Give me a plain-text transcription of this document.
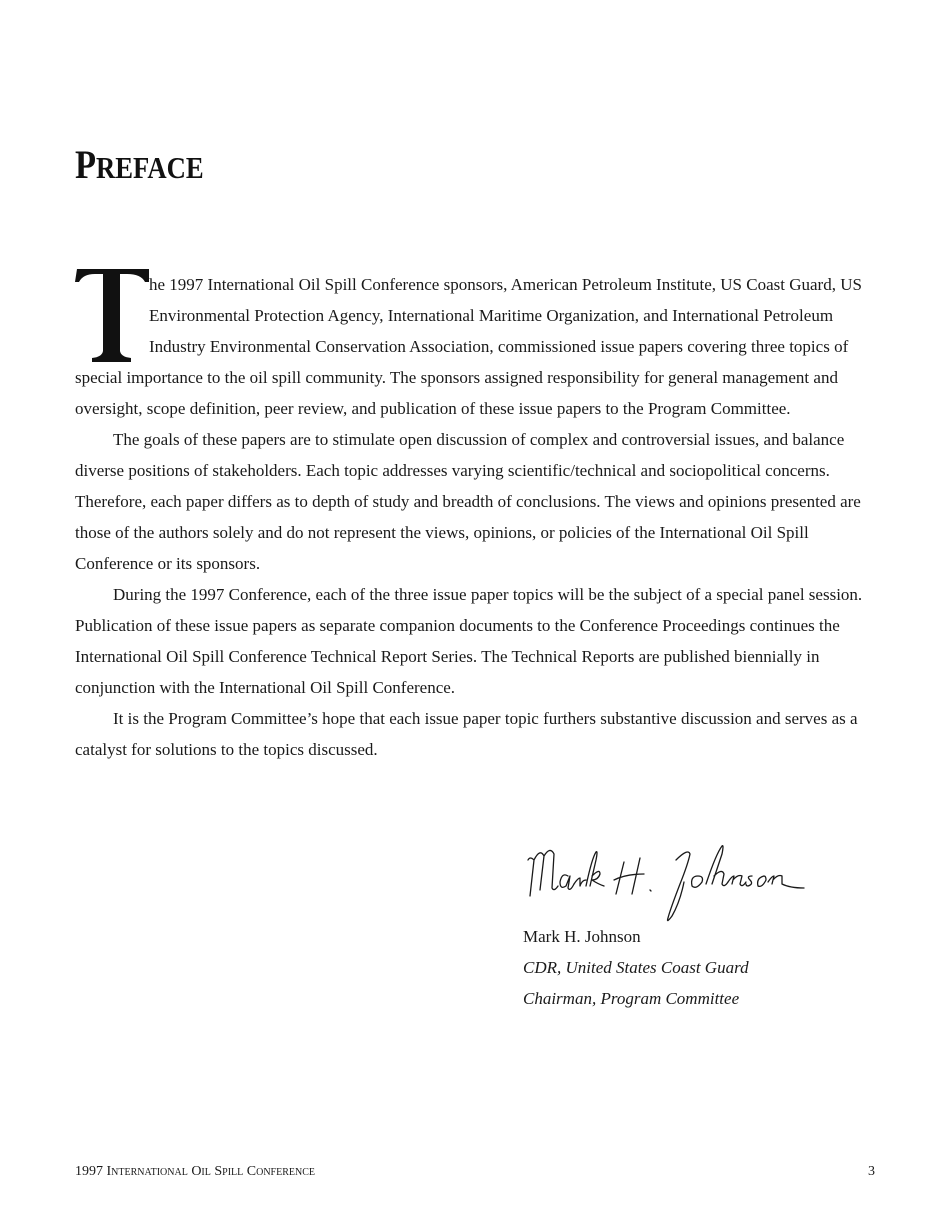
PREFACE

he 1997 International Oil Spill Conference sponsors, American Petroleum Institute, US Coast Guard, US Environmental Protection Agency, International Maritime Organization, and International Petroleum Industry Environmental Conservation Association, commissioned issue papers covering three topics of special importance to the oil spill community. The sponsors assigned responsibility for general management and oversight, scope definition, peer review, and publication of these issue papers to the Program Committee.

The goals of these papers are to stimulate open discussion of complex and controversial issues, and balance diverse positions of stakeholders. Each topic addresses varying scientific/technical and sociopolitical concerns. Therefore, each paper differs as to depth of study and breadth of conclusions. The views and opinions presented are those of the authors solely and do not represent the views, opinions, or policies of the International Oil Spill Conference or its sponsors.

During the 1997 Conference, each of the three issue paper topics will be the subject of a special panel session. Publication of these issue papers as separate companion documents to the Conference Proceedings continues the International Oil Spill Conference Technical Report Series. The Technical Reports are published biennially in conjunction with the International Oil Spill Conference.

It is the Program Committee’s hope that each issue paper topic furthers substantive discussion and serves as a catalyst for solutions to the topics discussed.

Mark H. Johnson
CDR, United States Coast Guard
Chairman, Program Committee
1997 International Oil Spill Conference	3
